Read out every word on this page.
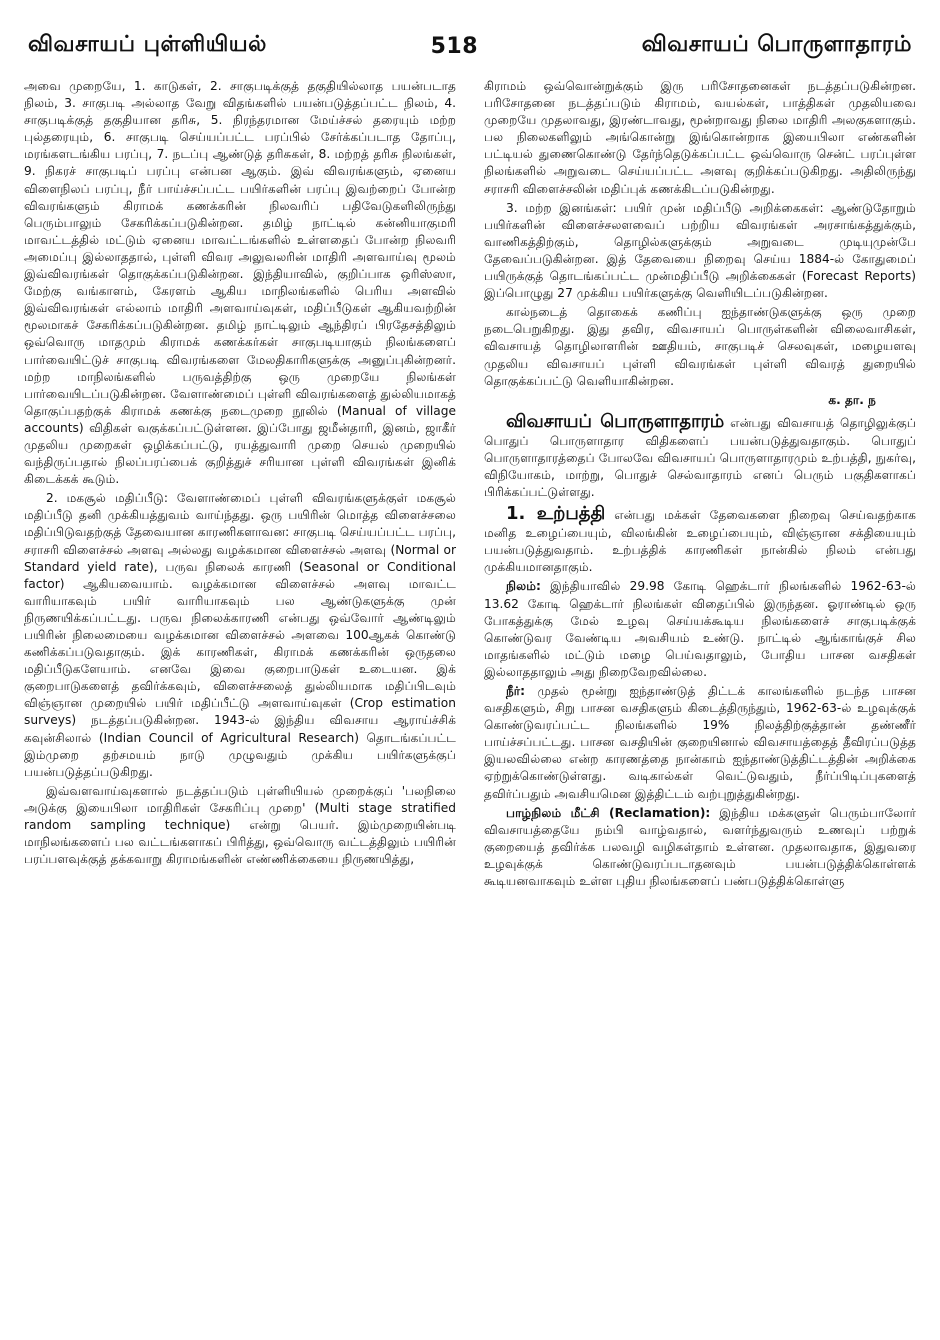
விவசாயப் புள்ளியியல்	518	விவசாயப் பொருளாதாரம்

அவை முறையே, 1. காடுகள், 2. சாகுபடிக்குத் தகுதியில்லாத பயன்படாத நிலம், 3. சாகுபடி அல்லாத வேறு விதங்களில் பயன்படுத்தப்பட்ட நிலம், 4. சாகுபடிக்குத் தகுதியான தரிசு, 5. நிரந்தரமான மேய்ச்சல் தரையும் மற்ற புல்தரையும், 6. சாகுபடி செய்யப்பட்ட பரப்பில் சேர்க்கப்படாத தோப்பு, மரங்களடங்கிய பரப்பு, 7. நடப்பு ஆண்டுத் தரிசுகள், 8. மற்றத் தரிசு நிலங்கள், 9. நிகரச் சாகுபடிப் பரப்பு என்பன ஆகும். இவ் விவரங்களும், ஏனைய விளைநிலப் பரப்பு, நீர் பாய்ச்சப்பட்ட பயிர்களின் பரப்பு இவற்றைப் போன்ற விவரங்களும் கிராமக் கணக்கரின் நிலவரிப் பதிவேடுகளிலிருந்து பெரும்பாலும் சேகரிக்கப்படுகின்றன. தமிழ் நாட்டில் கன்னியாகுமரி மாவட்டத்தில் மட்டும் ஏனைய மாவட்டங்களில் உள்ளதைப் போன்ற நிலவரி அமைப்பு இல்லாததால், புள்ளி விவர அலுவலரின் மாதிரி அளவாய்வு மூலம் இவ்விவரங்கள் தொகுக்கப்படுகின்றன. இந்தியாவில், குறிப்பாக ஒரிஸ்ஸா, மேற்கு வங்காளம், கேரளம் ஆகிய மாநிலங்களில் பெரிய அளவில் இவ்விவரங்கள் எல்லாம் மாதிரி அளவாய்வுகள், மதிப்பீடுகள் ஆகியவற்றின் மூலமாகச் சேகரிக்கப்படுகின்றன. தமிழ் நாட்டிலும் ஆந்திரப் பிரதேசத்திலும் ஒவ்வொரு மாதமும் கிராமக் கணக்கர்கள் சாகுபடியாகும் நிலங்களைப் பார்வையிட்டுச் சாகுபடி விவரங்களை மேலதிகாரிகளுக்கு அனுப்புகின்றனர். மற்ற மாநிலங்களில் பருவத்திற்கு ஒரு முறையே நிலங்கள் பார்வையிடப்படுகின்றன. வேளாண்மைப் புள்ளி விவரங்களைத் துல்லியமாகத் தொகுப்பதற்குக் கிராமக் கணக்கு நடைமுறை நூலில் (Manual of village accounts) விதிகள் வகுக்கப்பட்டுள்ளன. இப்போது ஜமீன்தாரி, இனம், ஜாகீர் முதலிய முறைகள் ஒழிக்கப்பட்டு, ரயத்துவாரி முறை செயல் முறையில் வந்திருப்பதால் நிலப்பரப்பைக் குறித்துச் சரியான புள்ளி விவரங்கள் இனிக் கிடைக்கக் கூடும்.

2. மகசூல் மதிப்பீடு: வேளாண்மைப் புள்ளி விவரங்களுக்குள் மகசூல் மதிப்பீடு தனி முக்கியத்துவம் வாய்ந்தது. ஒரு பயிரின் மொத்த விளைச்சலை மதிப்பிடுவதற்குத் தேவையான காரணிகளாவன: சாகுபடி செய்யப்பட்ட பரப்பு, சராசரி விளைச்சல் அளவு அல்லது வழக்கமான விளைச்சல் அளவு (Normal or Standard yield rate), பருவ நிலைக் காரணி (Seasonal or Conditional factor) ஆகியவையாம். வழக்கமான விளைச்சல் அளவு மாவட்ட வாரியாகவும் பயிர் வாரியாகவும் பல ஆண்டுகளுக்கு முன் நிருணயிக்கப்பட்டது. பருவ நிலைக்காரணி என்பது ஒவ்வோர் ஆண்டிலும் பயிரின் நிலைமையை வழக்கமான விளைச்சல் அளவை 100ஆகக் கொண்டு கணிக்கப்படுவதாகும். இக் காரணிகள், கிராமக் கணக்கரின் ஒருதலை மதிப்பீடுகளேயாம். எனவே இவை குறைபாடுகள் உடையன. இக் குறைபாடுகளைத் தவிர்க்கவும், விளைச்சலைத் துல்லியமாக மதிப்பிடவும் விஞ்ஞான முறையில் பயிர் மதிப்பீட்டு அளவாய்வுகள் (Crop estimation surveys) நடத்தப்படுகின்றன. 1943-ல் இந்திய விவசாய ஆராய்ச்சிக் கவுன்சிலால் (Indian Council of Agricultural Research) தொடங்கப்பட்ட இம்முறை தற்சமயம் நாடு முழுவதும் முக்கிய பயிர்களுக்குப் பயன்படுத்தப்படுகிறது.

இவ்வளவாய்வுகளால் நடத்தப்படும் புள்ளியியல் முறைக்குப் 'பலநிலை அடுக்கு இயைபிலா மாதிரிகள் சேகரிப்பு முறை' (Multi stage stratified random sampling technique) என்று பெயர். இம்முறையின்படி மாநிலங்களைப் பல வட்டங்களாகப் பிரித்து, ஒவ்வொரு வட்டத்திலும் பயிரின் பரப்பளவுக்குத் தக்கவாறு கிராமங்களின் எண்ணிக்கையை நிருணயித்து,

கிராமம் ஒவ்வொன்றுக்கும் இரு பரிசோதனைகள் நடத்தப்படுகின்றன. பரிசோதனை நடத்தப்படும் கிராமம், வயல்கள், பாத்திகள் முதலியவை முறையே முதலாவது, இரண்டாவது, மூன்றாவது நிலை மாதிரி அலகுகளாகும். பல நிலைகளிலும் அங்கொன்று இங்கொன்றாக இயைபிலா எண்களின் பட்டியல் துணைகொண்டு தேர்ந்தெடுக்கப்பட்ட ஒவ்வொரு சென்ட் பரப்புள்ள நிலங்களில் அறுவடை செய்யப்பட்ட அளவு குறிக்கப்படுகிறது. அதிலிருந்து சராசரி விளைச்சலின் மதிப்புக் கணக்கிடப்படுகின்றது.

3. மற்ற இனங்கள்: பயிர் முன் மதிப்பீடு அறிக்கைகள்: ஆண்டுதோறும் பயிர்களின் விளைச்சலளவைப் பற்றிய விவரங்கள் அரசாங்கத்துக்கும், வாணிகத்திற்கும், தொழில்களுக்கும் அறுவடை முடியுமுன்பே தேவைப்படுகின்றன. இத் தேவையை நிறைவு செய்ய 1884-ல் கோதுமைப் பயிருக்குத் தொடங்கப்பட்ட முன்மதிப்பீடு அறிக்கைகள் (Forecast Reports) இப்பொழுது 27 முக்கிய பயிர்களுக்கு வெளியிடப்படுகின்றன.

கால்நடைத் தொகைக் கணிப்பு ஐந்தாண்டுகளுக்கு ஒரு முறை நடைபெறுகிறது. இது தவிர, விவசாயப் பொருள்களின் விலைவாசிகள், விவசாயத் தொழிலாளரின் ஊதியம், சாகுபடிச் செலவுகள், மழையளவு முதலிய விவசாயப் புள்ளி விவரங்கள் புள்ளி விவரத் துறையில் தொகுக்கப்பட்டு வெளியாகின்றன.

க. தா. ந

விவசாயப் பொருளாதாரம் என்பது விவசாயத் தொழிலுக்குப் பொதுப் பொருளாதார விதிகளைப் பயன்படுத்துவதாகும். பொதுப் பொருளாதாரத்தைப் போலவே விவசாயப் பொருளாதாரமும் உற்பத்தி, நுகர்வு, விநியோகம், மாற்று, பொதுச் செல்வாதாரம் எனப் பெரும் பகுதிகளாகப் பிரிக்கப்பட்டுள்ளது.

1. உற்பத்தி என்பது மக்கள் தேவைகளை நிறைவு செய்வதற்காக மனித உழைப்பையும், விலங்கின் உழைப்பையும், விஞ்ஞான சக்தியையும் பயன்படுத்துவதாம். உற்பத்திக் காரணிகள் நான்கில் நிலம் என்பது முக்கியமானதாகும்.

நிலம்: இந்தியாவில் 29.98 கோடி ஹெக்டார் நிலங்களில் 1962-63-ல் 13.62 கோடி ஹெக்டார் நிலங்கள் விதைப்பில் இருந்தன. ஓராண்டில் ஒரு போகத்துக்கு மேல் உழவு செய்யக்கூடிய நிலங்களைச் சாகுபடிக்குக் கொண்டுவர வேண்டிய அவசியம் உண்டு. நாட்டில் ஆங்காங்குச் சில மாதங்களில் மட்டும் மழை பெய்வதாலும், போதிய பாசன வசதிகள் இல்லாததாலும் அது நிறைவேறவில்லை.

நீர்: முதல் மூன்று ஐந்தாண்டுத் திட்டக் காலங்களில் நடந்த பாசன வசதிகளும், சிறு பாசன வசதிகளும் கிடைத்திருந்தும், 1962-63-ல் உழவுக்குக் கொண்டுவரப்பட்ட நிலங்களில் 19% நிலத்திற்குத்தான் தண்ணீர் பாய்ச்சப்பட்டது. பாசன வசதியின் குறையினால் விவசாயத்தைத் தீவிரப்படுத்த இயலவில்லை என்ற காரணத்தை நான்காம் ஐந்தாண்டுத்திட்டத்தின் அறிக்கை ஏற்றுக்கொண்டுள்ளது. வடிகால்கள் வெட்டுவதும், நீர்ப்பிடிப்புகளைத் தவிர்ப்பதும் அவசியமென இத்திட்டம் வற்புறுத்துகின்றது.

பாழ்நிலம் மீட்சி (Reclamation): இந்திய மக்களுள் பெரும்பாலோர் விவசாயத்தையே நம்பி வாழ்வதால், வளர்ந்துவரும் உணவுப் பற்றுக் குறையைத் தவிர்க்க பலவழி வழிகள்தாம் உள்ளன. முதலாவதாக, இதுவரை உழவுக்குக் கொண்டுவரப்படாதனவும் பயன்படுத்திக்கொள்ளக் கூடியனவாகவும் உள்ள புதிய நிலங்களைப் பண்படுத்திக்கொள்ளு
